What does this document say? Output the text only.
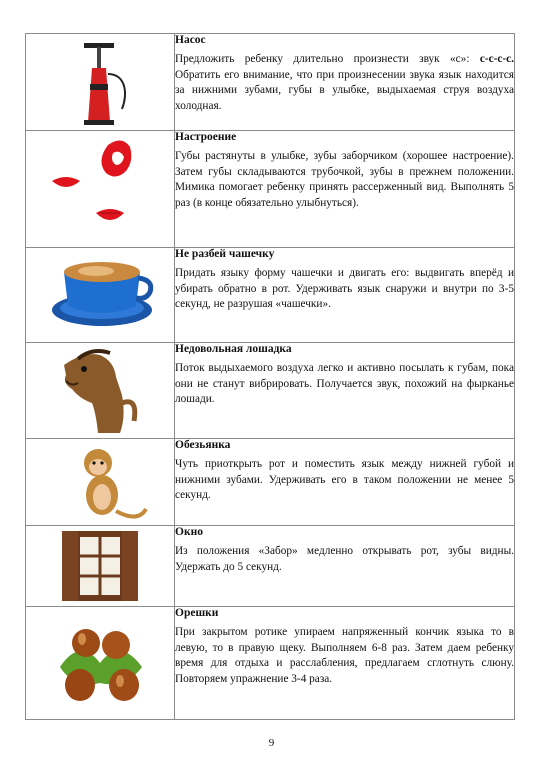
Насос
Предложить ребенку длительно произнести звук «с»: с-с-с-с. Обратить его внимание, что при произнесении звука язык находится за нижними зубами, губы в улыбке, выдыхаемая струя воздуха холодная.

Настроение
Губы растянуты в улыбке, зубы заборчиком (хорошее настроение). Затем губы складываются трубочкой, зубы в прежнем положении. Мимика помогает ребенку принять рассерженный вид. Выполнять 5 раз (в конце обязательно улыбнуться).

Не разбей чашечку
Придать языку форму чашечки и двигать его: выдвигать вперёд и убирать обратно в рот. Удерживать язык снаружи и внутри по 3-5 секунд, не разрушая «чашечки».

Недовольная лошадка
Поток выдыхаемого воздуха легко и активно посылать к губам, пока они не станут вибрировать. Получается звук, похожий на фырканье лошади.

Обезьянка
Чуть приоткрыть рот и поместить язык между нижней губой и нижними зубами. Удерживать его в таком положении не менее 5 секунд.

Окно
Из положения «Забор» медленно открывать рот, зубы видны. Удержать до 5 секунд.

Орешки
При закрытом ротике упираем напряженный кончик языка то в левую, то в правую щеку. Выполняем 6-8 раз. Затем даем ребенку время для отдыха и расслабления, предлагаем сглотнуть слюну. Повторяем упражнение 3-4 раза.
9
